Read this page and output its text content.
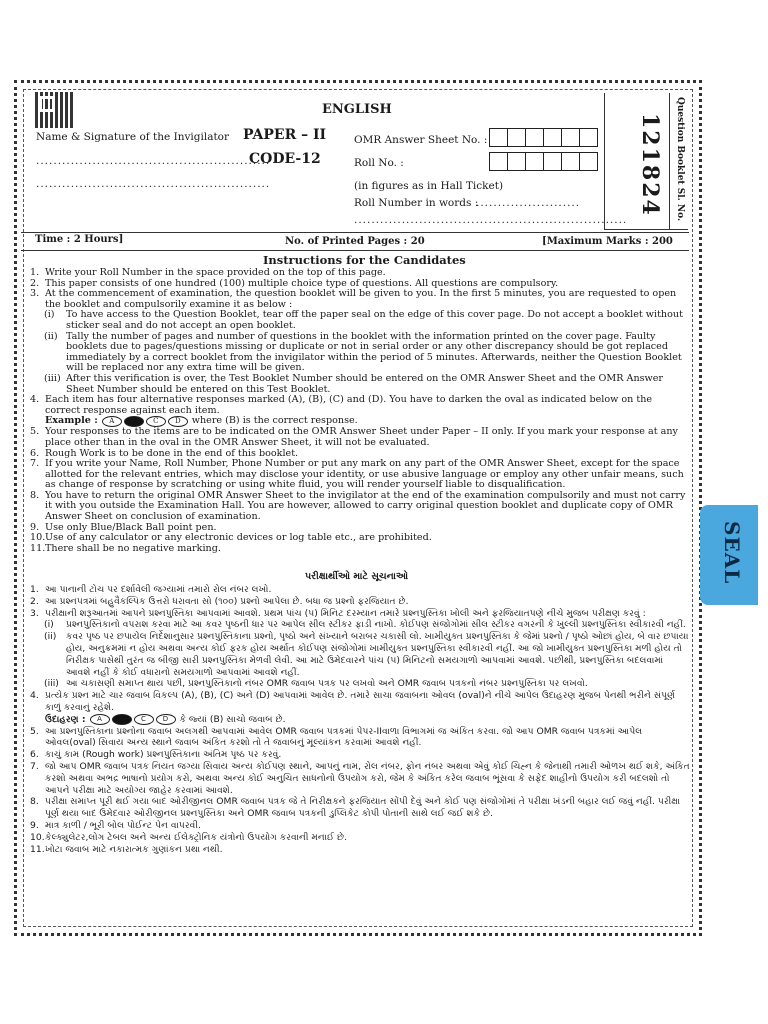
ENGLISH
PAPER – II
CODE-12
Name & Signature of the Invigilator
......................................................
......................................................
OMR Answer Sheet No. :
Roll No. :
(in figures as in Hall Ticket)
Roll Number in words :
........................
...............................................................
121824 Question Booklet Sl. No.
Time : 2 Hours]	No. of Printed Pages : 20	[Maximum Marks : 200
Instructions for the Candidates
1. Write your Roll Number in the space provided on the top of this page.
2. This paper consists of one hundred (100) multiple choice type of questions. All questions are compulsory.
3. At the commencement of examination, the question booklet will be given to you. In the first 5 minutes, you are requested to open the booklet and compulsorily examine it as below :
(i)	To have access to the Question Booklet, tear off the paper seal on the edge of this cover page. Do not accept a booklet without sticker seal and do not accept an open booklet.
(ii) Tally the number of pages and number of questions in the booklet with the information printed on the cover page. Faulty booklets due to pages/questions missing or duplicate or not in serial order or any other discrepancy should be got replaced immediately by a correct booklet from the invigilator within the period of 5 minutes. Afterwards, neither the Question Booklet will be replaced nor any extra time will be given.
(iii) After this verification is over, the Test Booklet Number should be entered on the OMR Answer Sheet and the OMR Answer Sheet Number should be entered on this Test Booklet.
4. Each item has four alternative responses marked (A), (B), (C) and (D). You have to darken the oval as indicated below on the correct response against each item.
Example :	A	C	D	where (B) is the correct response.
5. Your responses to the items are to be indicated on the OMR Answer Sheet under Paper – II only. If you mark your response at any place other than in the oval in the OMR Answer Sheet, it will not be evaluated.
6. Rough Work is to be done in the end of this booklet.
7. If you write your Name, Roll Number, Phone Number or put any mark on any part of the OMR Answer Sheet, except for the space allotted for the relevant entries, which may disclose your identity, or use abusive language or employ any other unfair means, such as change of response by scratching or using white fluid, you will render yourself liable to disqualification.
8. You have to return the original OMR Answer Sheet to the invigilator at the end of the examination compulsorily and must not carry it with you outside the Examination Hall. You are however, allowed to carry original question booklet and duplicate copy of OMR Answer Sheet on conclusion of examination.
9. Use only Blue/Black Ball point pen.
10. Use of any calculator or any electronic devices or log table etc., are prohibited.
11. There shall be no negative marking.
પરીક્ષાર્થીઓ માટે સૂચનાઓ
1. આ પાનાની ટોચ પર દર્શાવેલી જગ્યામાં તમારો રોલ નંબર લખો.
2. આ પ્રશ્નપત્રમાં બહુવૈકલ્પિક ઉત્તરો ધરાવતા સો (૧૦૦) પ્રશ્નો આપેલા છે. બધા જ પ્રશ્નો ફરજિયાત છે.
3. પરીક્ષાની શરૂઆતમાં આપને પ્રશ્નપુસ્તિકા આપવામાં આવશે. પ્રથમ પાંચ (૫) મિનિટ દરમ્યાન તમારે પ્રશ્નપુસ્તિકા ખોલી અને ફરજિયાતપણે નીચે મુજબ પરીક્ષણ કરવું :
(i)	પ્રશ્નપુસ્તિકાનો વપરાશ કરવા માટે આ કવર પૃષ્ઠની ધાર પર આપેલ સીલ સ્ટીકર ફાડી નાખો. કોઈપણ સંજોગોમાં સીલ સ્ટીકર વગરની કે ખુલ્લી પ્રશ્નપુસ્તિકા સ્વીકારવી નહીં.
(ii)	કવર પૃષ્ઠ પર છપાયેલ નિર્દેશાનુસાર પ્રશ્નપુસ્તિકાના પ્રશ્નો, પૃષ્ઠો અને સંખ્યાને બરાબર ચકાસી લો. ખામીયુક્ત પ્રશ્નપુસ્તિકા કે જેમાં પ્રશ્નો / પૃષ્ઠો ઓછાં હોય, બે વાર છપાયા હોય, અનુક્રમમાં ન હોય અથવા અન્ય કોઈ ફરક હોય અર્થાત કોઈપણ સંજોગોમાં ખામીયુક્ત પ્રશ્નપુસ્તિકા સ્વીકારવી નહીં. આ જો ખામીયુક્ત પ્રશ્નપુસ્તિકા મળી હોય તો નિરીક્ષક પાસેથી તુરંત જ બીજી સારી પ્રશ્નપુસ્તિકા મેળવી લેવી. આ માટે ઉમેદવારને પાંચ (૫) મિનિટનો સમયગાળો આપવામાં આવશે. પછીથી, પ્રશ્નપુસ્તિકા બદલવામાં આવશે નહીં કે કોઈ વધારાનો સમયગાળો આપવામાં આવશે નહીં.
(iii) આ ચકાસણી સમાપ્ત થાય પછી, પ્રશ્નપુસ્તિકાનો નંબર OMR જવાબ પત્રક પર લખવો અને OMR જવાબ પત્રકનો નંબર પ્રશ્નપુસ્તિકા પર લખવો.
4. પ્રત્યેક પ્રશ્ન માટે ચાર જવાબ વિકલ્પ (A), (B), (C) અને (D) આપવામાં આવેલ છે. તમારે સાચા જવાબના ઓવલ (oval)ને નીચે આપેલ ઉદાહરણ મુજબ પેનથી ભરીને સંપૂર્ણ કાળું કરવાનું રહેશે.
ઉદાહરણ :	A	C	D	કે જ્યાં (B) સાચો જવાબ છે.
5. આ પ્રશ્નપુસ્તિકાના પ્રશ્નોના જવાબ અલગથી આપવામાં આવેલ OMR જવાબ પત્રકમાં પેપર-IIવાળા વિભાગમાં જ અંકિત કરવા. જો આપ OMR જવાબ પત્રકમાં આપેલ ઓવલ(oval) સિવાય અન્ય સ્થાને જવાબ અંકિત કરશો તો તે જવાબનું મૂલ્યાંકન કરવામાં આવશે નહીં.
6. કાચું કામ (Rough work) પ્રશ્નપુસ્તિકાના અંતિમ પૃષ્ઠ પર કરવું.
7. જો આપ OMR જવાબ પત્રક નિયત જગ્યા સિવાય અન્ય કોઈપણ સ્થાને, આપનું નામ, રોલ નંબર, ફોન નંબર અથવા એવું કોઈ ચિહ્ન કે જેનાથી તમારી ઓળખ થઈ શકે, અંકિત કરશો અથવા અભદ્ર ભાષાનો પ્રયોગ કરો, અથવા અન્ય કોઈ અનુચિત સાધનોનો ઉપયોગ કરો, જેમ કે અંકિત કરેલ જવાબ ભૂંસવા કે સફેદ શાહીનો ઉપયોગ કરી બદલશો તો આપને પરીક્ષા માટે અયોગ્ય જાહેર કરવામાં આવશે.
8. પરીક્ષા સમાપ્ત પૂરી થઈ ગયા બાદ ઓરીજીનલ OMR જવાબ પત્રક જે તે નિરીક્ષકને ફરજિયાત સોંપી દેવું અને કોઈ પણ સંજોગોમાં તે પરીક્ષા ખંડની બહાર લઈ જવું નહીં. પરીક્ષા પૂર્ણ થયા બાદ ઉમેદવાર ઓરીજીનલ પ્રશ્નપુસ્તિકા અને OMR જવાબ પત્રકની ડુપ્લિકેટ કોપી પોતાની સાથે લઈ જઈ શકે છે.
9. માત્ર કાળી / ભૂરી બોલ પોઈન્ટ પેન વાપરવી.
10. કેલ્ક્યુલેટર,લોગ ટેબલ અને અન્ય ઈલેક્ટ્રોનિક યંત્રોનો ઉપયોગ કરવાની મનાઈ છે.
11. ખોટા જવાબ માટે નકારાત્મક ગુણાંકન પ્રથા નથી.
SEAL
